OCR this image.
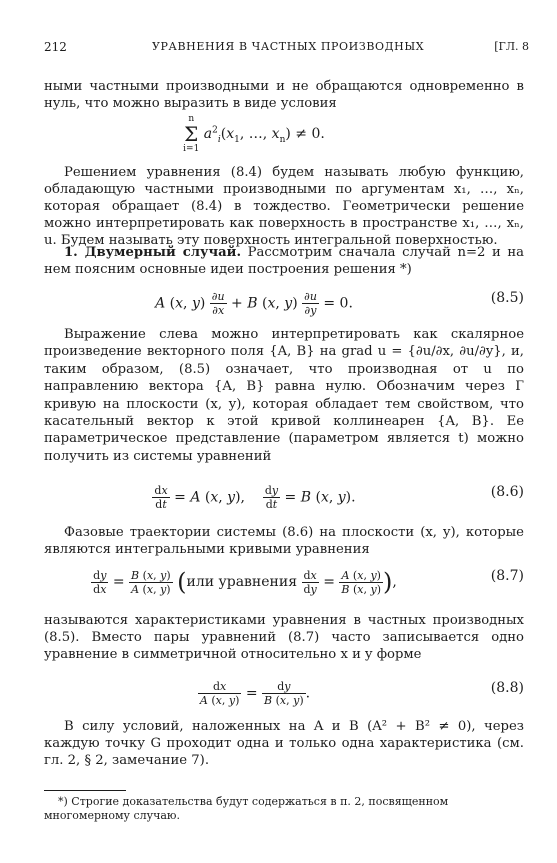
212	УРАВНЕНИЯ В ЧАСТНЫХ ПРОИЗВОДНЫХ	[ГЛ. 8
ными частными производными и не обращаются одновременно в нуль, что можно выразить в виде условия
n
Σ
i=1 $a^2_i(x_1$, …, $x_n) \ne 0$.
Решением уравнения (8.4) будем называть любую функцию, обладающую частными производными по аргументам x₁, …, xₙ, которая обращает (8.4) в тождество. Геометрически решение можно интерпретировать как поверхность в пространстве x₁, …, xₙ, u. Будем называть эту поверхность интегральной поверхностью.
1. Двумерный случай. Рассмотрим сначала случай n=2 и на нем поясним основные идеи построения решения *)
A (x, $y) \frac{\partial u}{\partial x} + B$ (x, $y) \frac{\partial u}{\partial y} = 0$.	(8.5)
Выражение слева можно интерпретировать как скалярное произведение векторного поля {A, B} на grad u = {∂u/∂x, ∂u/∂y}, и, таким образом, (8.5) означает, что производная от u по направлению вектора {A, B} равна нулю. Обозначим через Г кривую на плоскости (x, y), которая обладает тем свойством, что касательный вектор к этой кривой коллинеарен {A, B}. Ее параметрическое представление (параметром является t) можно получить из системы уравнений
$\frac{dx}{dt} = A$ (x, y), $\frac{dy}{dt} = B$ (x, y).	(8.6)
Фазовые траектории системы (8.6) на плоскости (x, y), которые являются интегральными кривыми уравнения
$\frac{dy}{dx} = \frac{B (x, y)}{A (x, y)} (или$ уравнения $\frac{dx}{dy} = \frac{A (x, y)}{B (x, y)}$ ),	(8.7)
называются характеристиками уравнения в частных производных (8.5). Вместо пары уравнений (8.7) часто записывается одно уравнение в симметричной относительно x и y форме
$\frac{dx}{A (x, y)} = \frac{dy}{B (x, y)}$ .	(8.8)
В силу условий, наложенных на A и B (A² + B² ≠ 0), через каждую точку G проходит одна и только одна характеристика (см. гл. 2, § 2, замечание 7).
*) Строгие доказательства будут содержаться в п. 2, посвященном многомерному случаю.
